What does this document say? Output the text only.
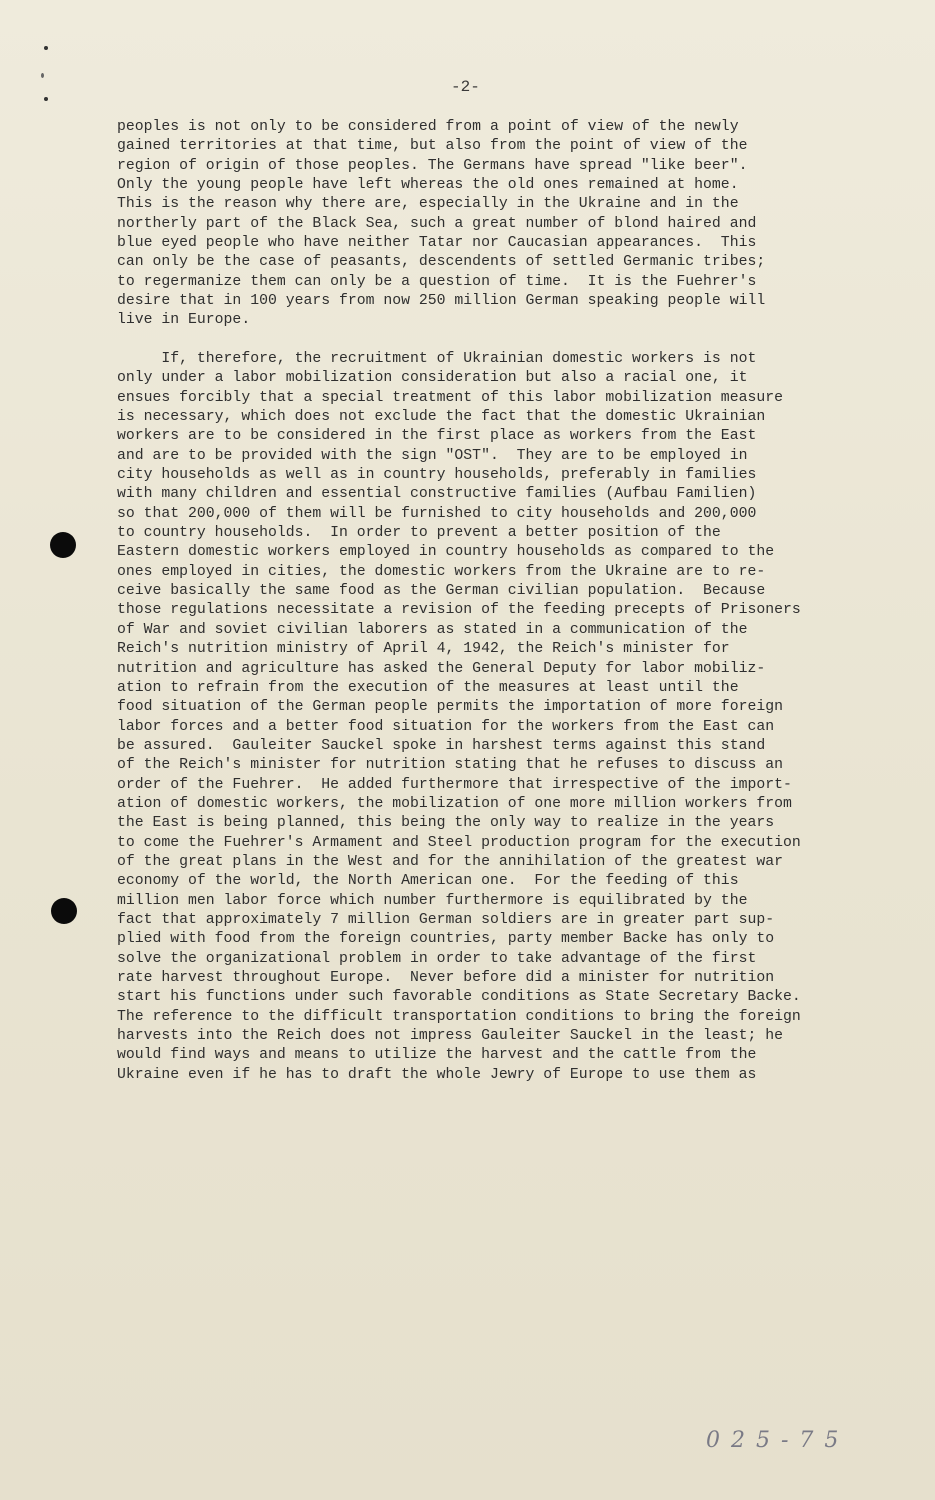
-2-
peoples is not only to be considered from a point of view of the newly
gained territories at that time, but also from the point of view of the
region of origin of those peoples. The Germans have spread "like beer".
Only the young people have left whereas the old ones remained at home.
This is the reason why there are, especially in the Ukraine and in the
northerly part of the Black Sea, such a great number of blond haired and
blue eyed people who have neither Tatar nor Caucasian appearances.  This
can only be the case of peasants, descendents of settled Germanic tribes;
to regermanize them can only be a question of time.  It is the Fuehrer's
desire that in 100 years from now 250 million German speaking people will
live in Europe.
If, therefore, the recruitment of Ukrainian domestic workers is not
only under a labor mobilization consideration but also a racial one, it
ensues forcibly that a special treatment of this labor mobilization measure
is necessary, which does not exclude the fact that the domestic Ukrainian
workers are to be considered in the first place as workers from the East
and are to be provided with the sign "OST".  They are to be employed in
city households as well as in country households, preferably in families
with many children and essential constructive families (Aufbau Familien)
so that 200,000 of them will be furnished to city households and 200,000
to country households.  In order to prevent a better position of the
Eastern domestic workers employed in country households as compared to the
ones employed in cities, the domestic workers from the Ukraine are to re-
ceive basically the same food as the German civilian population.  Because
those regulations necessitate a revision of the feeding precepts of Prisoners
of War and soviet civilian laborers as stated in a communication of the
Reich's nutrition ministry of April 4, 1942, the Reich's minister for
nutrition and agriculture has asked the General Deputy for labor mobiliz-
ation to refrain from the execution of the measures at least until the
food situation of the German people permits the importation of more foreign
labor forces and a better food situation for the workers from the East can
be assured.  Gauleiter Sauckel spoke in harshest terms against this stand
of the Reich's minister for nutrition stating that he refuses to discuss an
order of the Fuehrer.  He added furthermore that irrespective of the import-
ation of domestic workers, the mobilization of one more million workers from
the East is being planned, this being the only way to realize in the years
to come the Fuehrer's Armament and Steel production program for the execution
of the great plans in the West and for the annihilation of the greatest war
economy of the world, the North American one.  For the feeding of this
million men labor force which number furthermore is equilibrated by the
fact that approximately 7 million German soldiers are in greater part sup-
plied with food from the foreign countries, party member Backe has only to
solve the organizational problem in order to take advantage of the first
rate harvest throughout Europe.  Never before did a minister for nutrition
start his functions under such favorable conditions as State Secretary Backe.
The reference to the difficult transportation conditions to bring the foreign
harvests into the Reich does not impress Gauleiter Sauckel in the least; he
would find ways and means to utilize the harvest and the cattle from the
Ukraine even if he has to draft the whole Jewry of Europe to use them as
0 2 5 - 7 5
